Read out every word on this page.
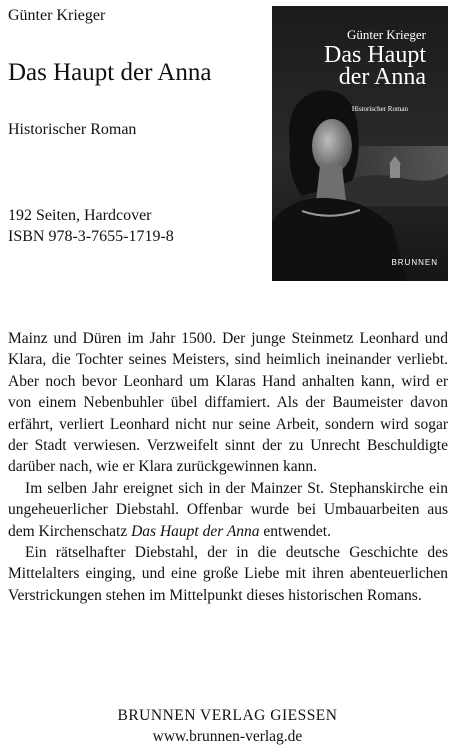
Günter Krieger
Das Haupt der Anna
Historischer Roman
192 Seiten, Hardcover
ISBN 978-3-7655-1719-8
Günter Krieger
Das Haupt
der Anna
Historischer Roman
BRUNNEN

Mainz und Düren im Jahr 1500. Der junge Steinmetz Leonhard und Klara, die Tochter seines Meisters, sind heimlich ineinander verliebt. Aber noch bevor Leonhard um Klaras Hand anhalten kann, wird er von einem Nebenbuhler übel diffamiert. Als der Baumeister davon erfährt, verliert Leonhard nicht nur seine Arbeit, sondern wird sogar der Stadt verwiesen. Verzweifelt sinnt der zu Unrecht Beschuldigte darüber nach, wie er Klara zurückgewinnen kann.

Im selben Jahr ereignet sich in der Mainzer St. Stephanskirche ein ungeheuerlicher Diebstahl. Offenbar wurde bei Umbauarbeiten aus dem Kirchenschatz Das Haupt der Anna entwendet.

Ein rätselhafter Diebstahl, der in die deutsche Geschichte des Mittelalters einging, und eine große Liebe mit ihren abenteuerlichen Verstrickungen stehen im Mittelpunkt dieses historischen Romans.

BRUNNEN VERLAG GIESSEN
www.brunnen-verlag.de
